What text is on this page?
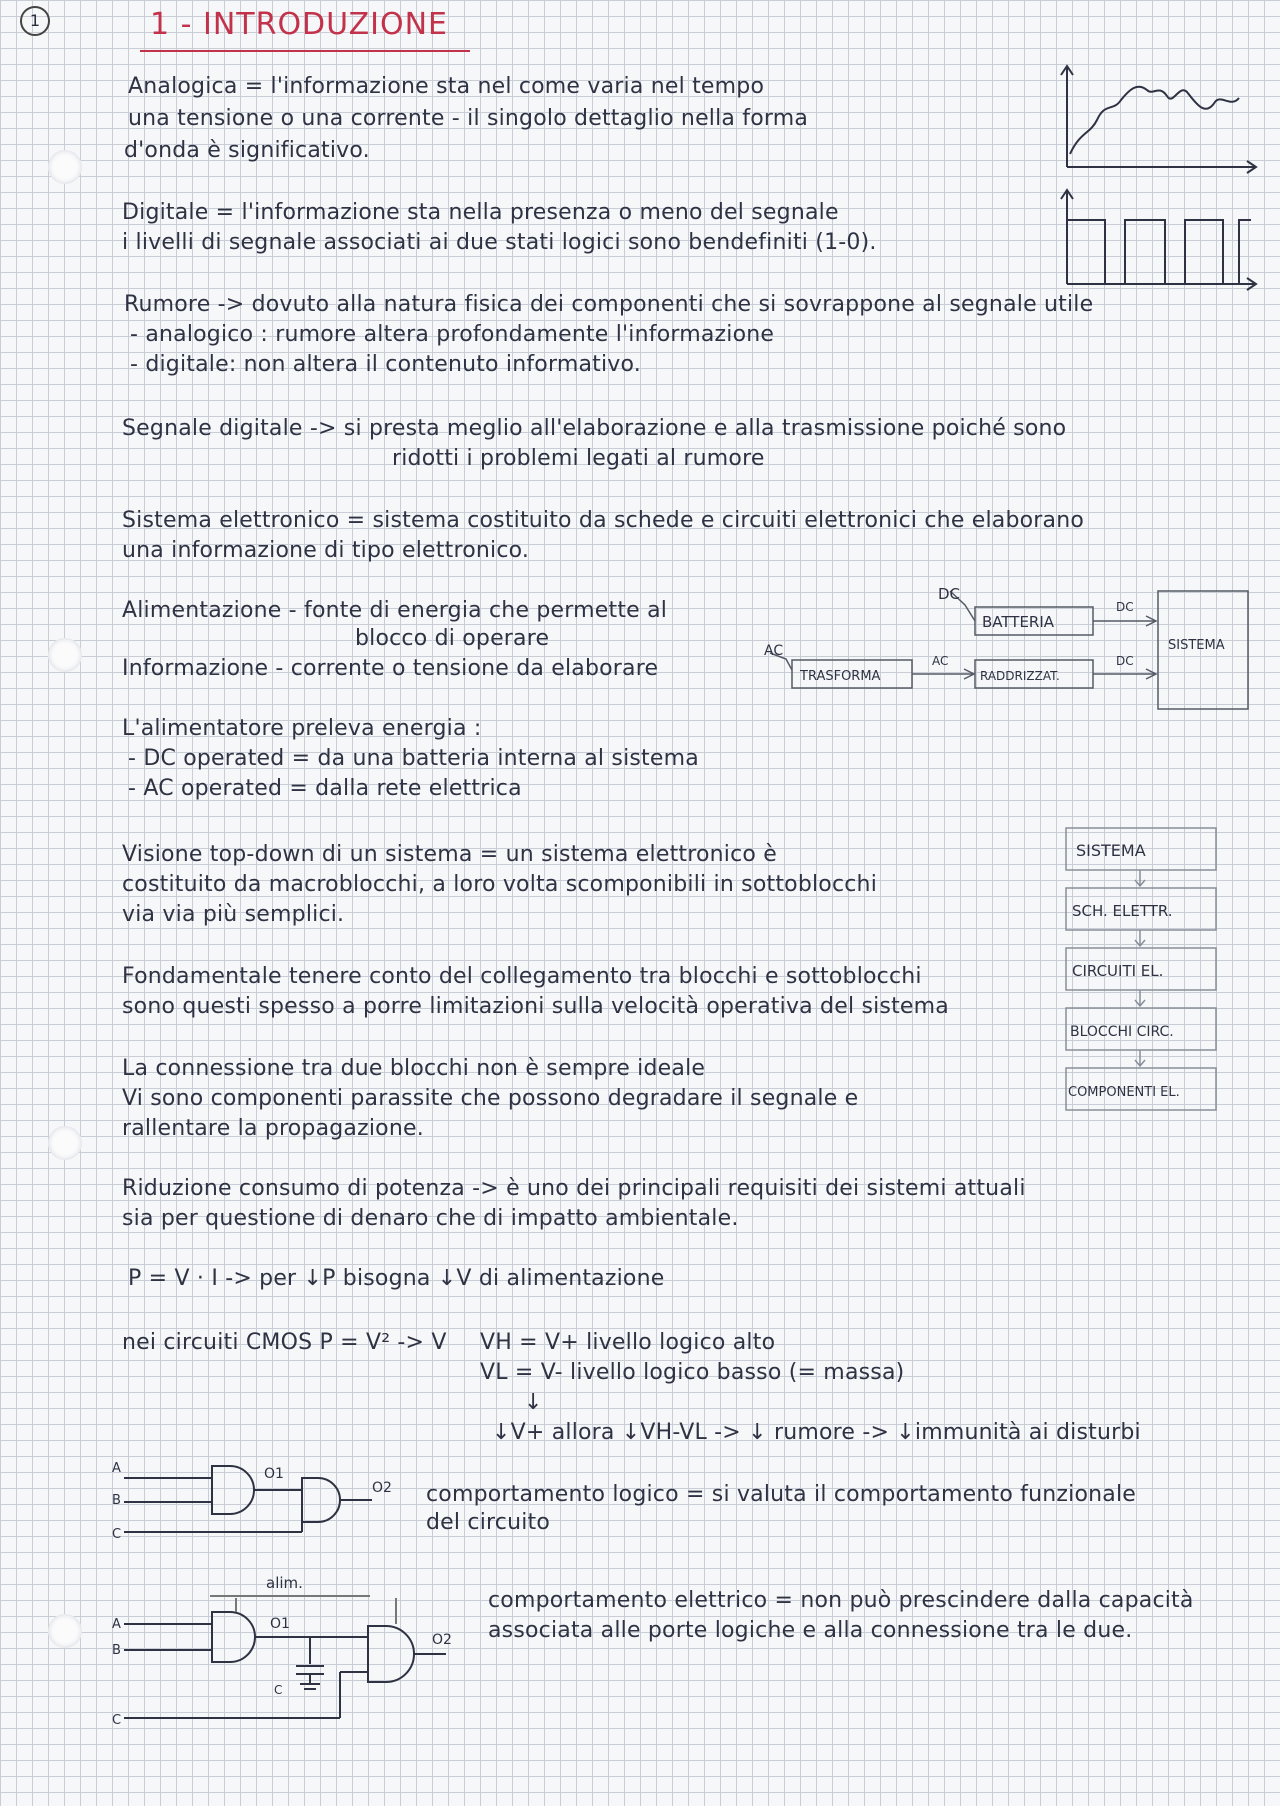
1	1 - INTRODUZIONE
Analogica = l'informazione sta nel come varia nel tempo
una tensione o una corrente - il singolo dettaglio nella forma
d'onda è significativo.
Digitale = l'informazione sta nella presenza o meno del segnale
i livelli di segnale associati ai due stati logici sono bendefiniti (1-0).
Rumore -> dovuto alla natura fisica dei componenti che si sovrappone al segnale utile
- analogico : rumore altera profondamente l'informazione
- digitale: non altera il contenuto informativo.
Segnale digitale -> si presta meglio all'elaborazione e alla trasmissione poiché sono
ridotti i problemi legati al rumore
Sistema elettronico = sistema costituito da schede e circuiti elettronici che elaborano
una informazione di tipo elettronico.
Alimentazione - fonte di energia che permette al
blocco di operare
Informazione - corrente o tensione da elaborare
DC
AC
BATTERIA
TRASFORMA	RADDRIZZAT.
SISTEMA
DC
AC	DC
L'alimentatore preleva energia :
- DC operated = da una batteria interna al sistema
- AC operated = dalla rete elettrica
Visione top-down di un sistema = un sistema elettronico è
costituito da macroblocchi, a loro volta scomponibili in sottoblocchi
via via più semplici.
SISTEMA
SCH. ELETTR.
CIRCUITI EL.
BLOCCHI CIRC.
COMPONENTI EL.
Fondamentale tenere conto del collegamento tra blocchi e sottoblocchi
sono questi spesso a porre limitazioni sulla velocità operativa del sistema
La connessione tra due blocchi non è sempre ideale
Vi sono componenti parassite che possono degradare il segnale e
rallentare la propagazione.
Riduzione consumo di potenza -> è uno dei principali requisiti dei sistemi attuali
sia per questione di denaro che di impatto ambientale.
P = V · I -> per ↓P bisogna ↓V di alimentazione
nei circuiti CMOS P = V² -> V VH = V+ livello logico alto
VL = V- livello logico basso (= massa)
↓
↓V+ allora ↓VH-VL -> ↓ rumore -> ↓immunità ai disturbi
A
B
C
O1
O2 comportamento logico = si valuta il comportamento funzionale
del circuito
alim.
A
B
C
C
O1
O2
comportamento elettrico = non può prescindere dalla capacità
associata alle porte logiche e alla connessione tra le due.
